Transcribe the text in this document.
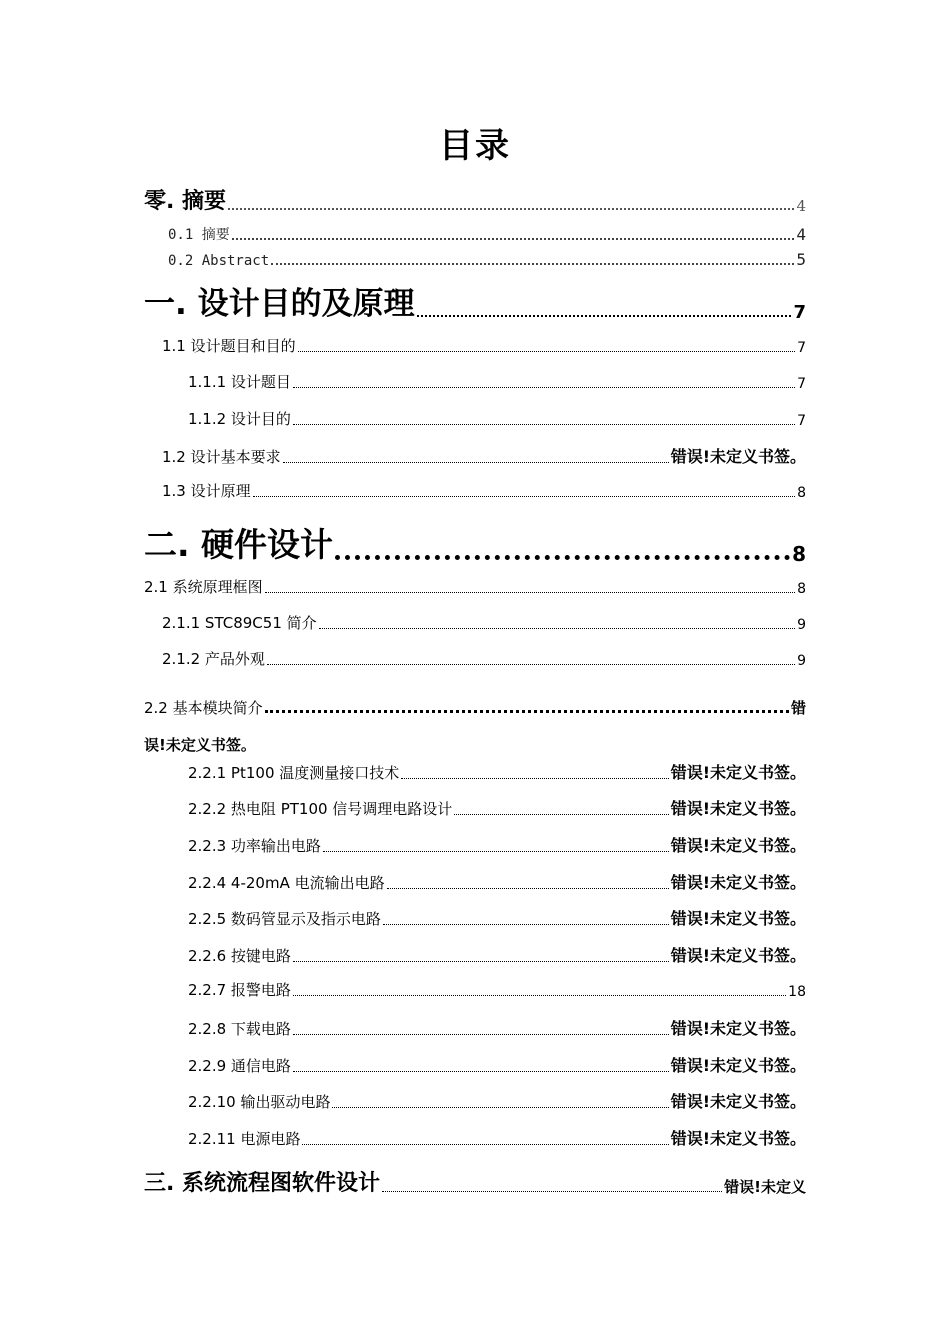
目录
零. 摘要	4
0.1 摘要	4
0.2 Abstract	5
一. 设计目的及原理	7
1.1 设计题目和目的	7
1.1.1 设计题目	7
1.1.2 设计目的	7
1.2 设计基本要求	错误!未定义书签。
1.3 设计原理	8
二. 硬件设计	8
2.1 系统原理框图	8
2.1.1 STC89C51 简介	9
2.1.2 产品外观	9
2.2 基本模块简介	错
误!未定义书签。
2.2.1 Pt100 温度测量接口技术	错误!未定义书签。
2.2.2 热电阻 PT100 信号调理电路设计	错误!未定义书签。
2.2.3 功率输出电路	错误!未定义书签。
2.2.4 4-20mA 电流输出电路	错误!未定义书签。
2.2.5 数码管显示及指示电路	错误!未定义书签。
2.2.6 按键电路	错误!未定义书签。
2.2.7 报警电路	18
2.2.8 下载电路	错误!未定义书签。
2.2.9 通信电路	错误!未定义书签。
2.2.10 输出驱动电路	错误!未定义书签。
2.2.11 电源电路	错误!未定义书签。
三. 系统流程图软件设计	错误!未定义
